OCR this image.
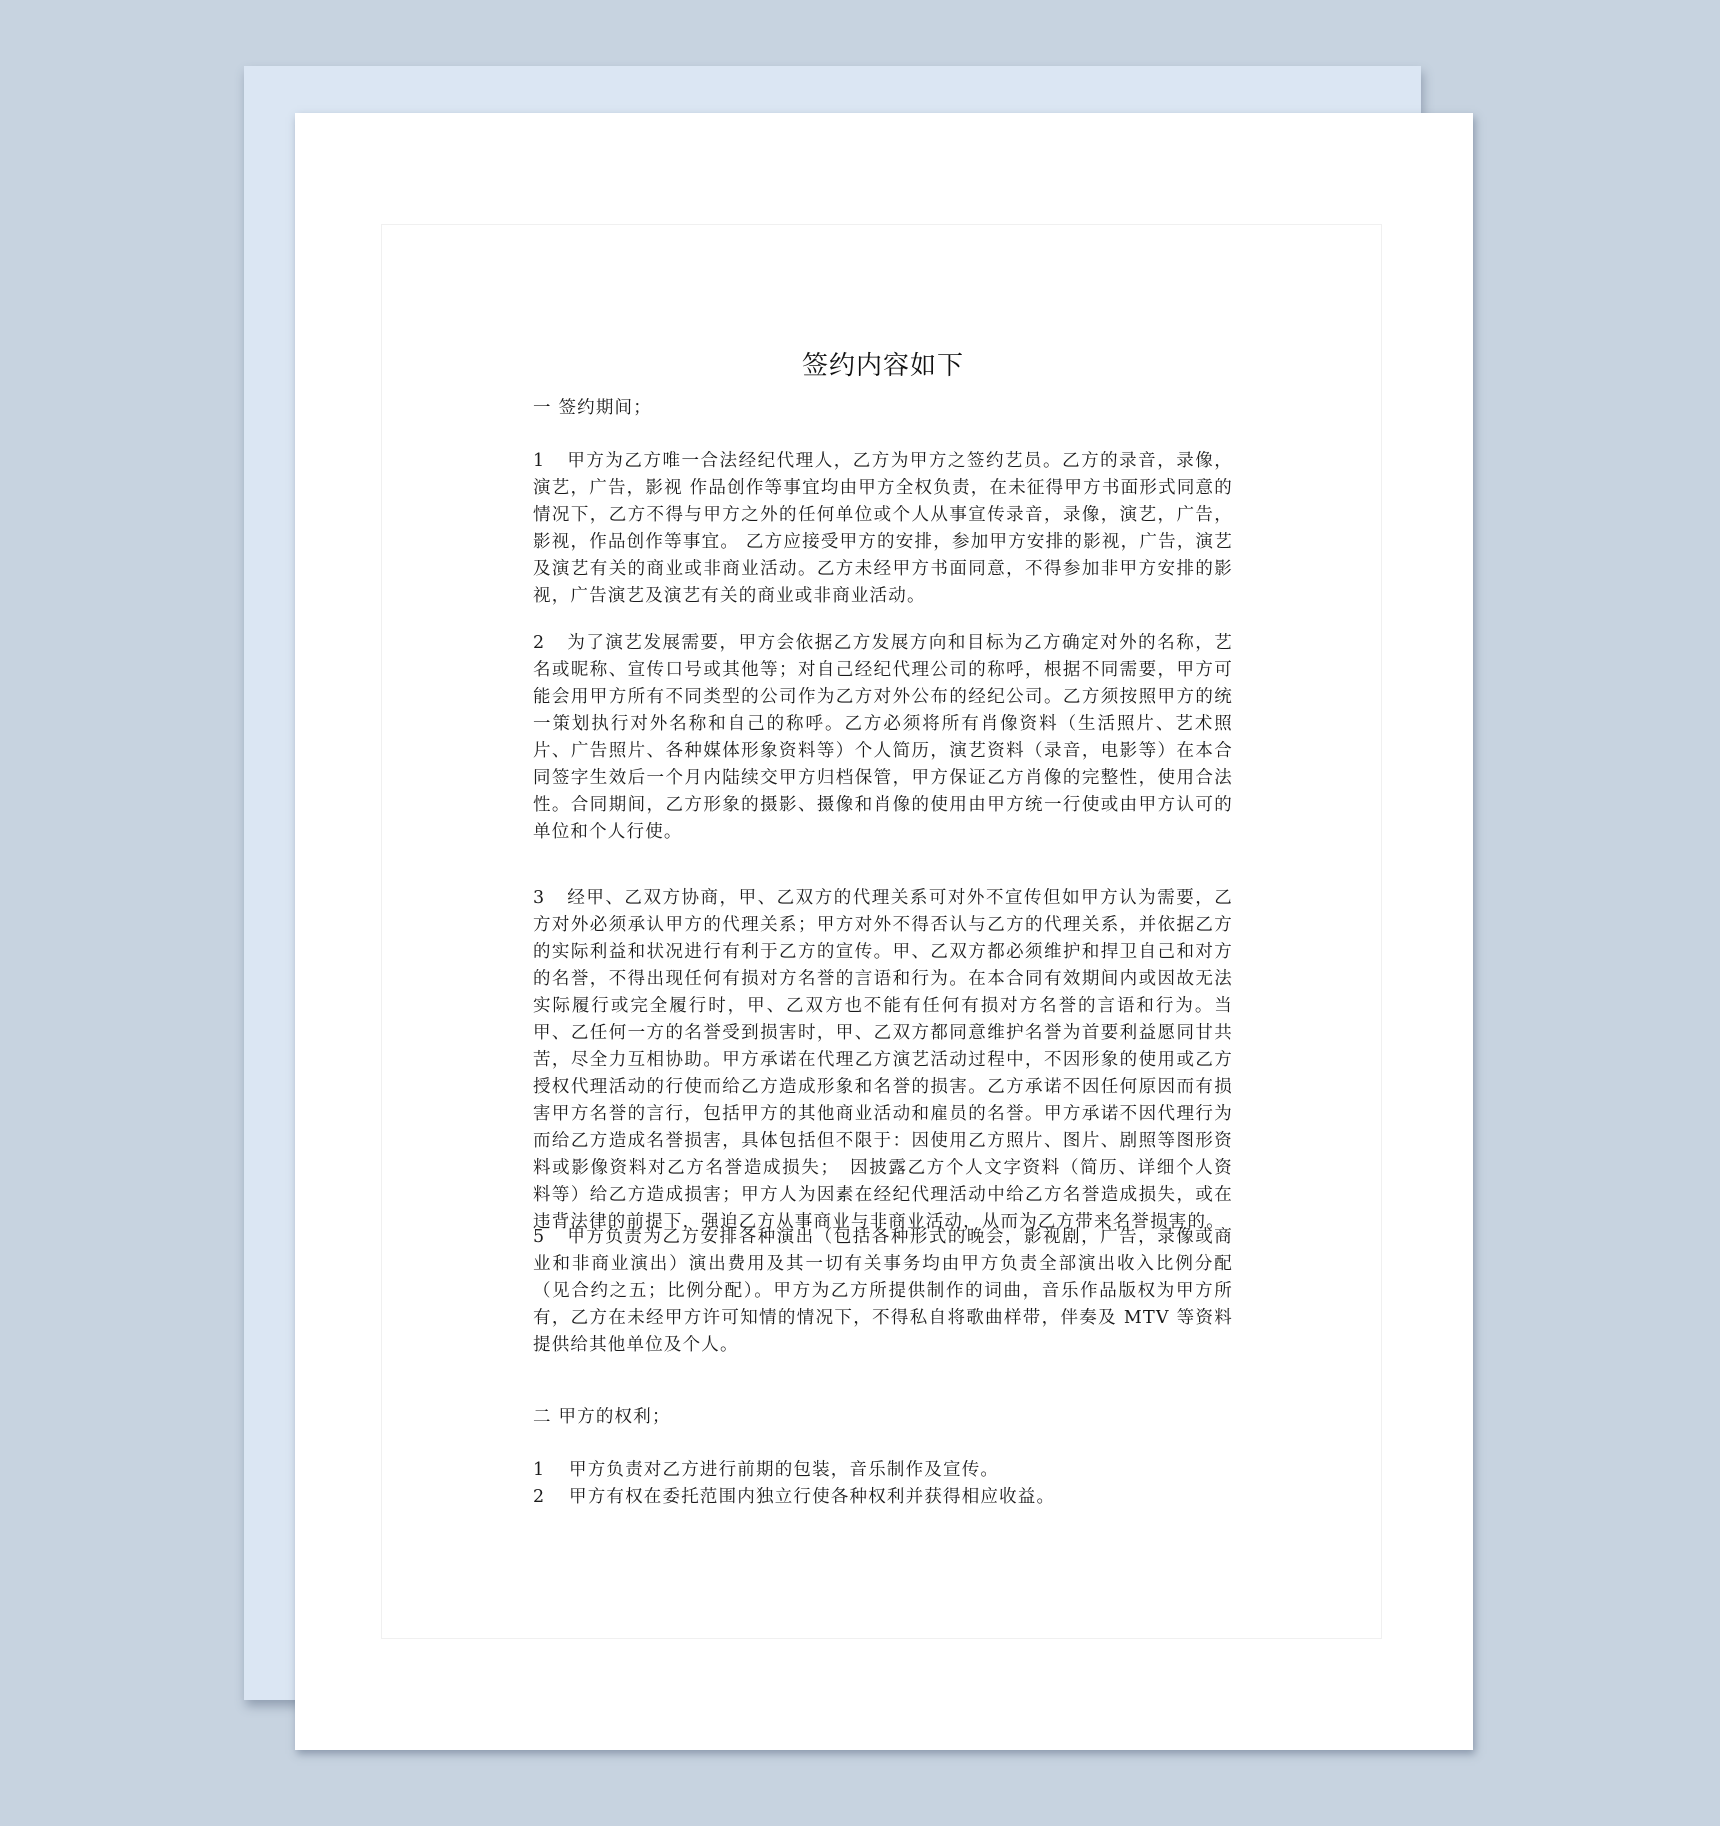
签约内容如下
一 签约期间；
1 甲方为乙方唯一合法经纪代理人，乙方为甲方之签约艺员。乙方的录音，录像，演艺，广告，影视 作品创作等事宜均由甲方全权负责，在未征得甲方书面形式同意的情况下，乙方不得与甲方之外的任何单位或个人从事宣传录音，录像，演艺，广告，影视，作品创作等事宜。 乙方应接受甲方的安排，参加甲方安排的影视，广告，演艺及演艺有关的商业或非商业活动。乙方未经甲方书面同意，不得参加非甲方安排的影视，广告演艺及演艺有关的商业或非商业活动。
2 为了演艺发展需要，甲方会依据乙方发展方向和目标为乙方确定对外的名称，艺名或昵称、宣传口号或其他等；对自己经纪代理公司的称呼，根据不同需要，甲方可能会用甲方所有不同类型的公司作为乙方对外公布的经纪公司。乙方须按照甲方的统一策划执行对外名称和自己的称呼。乙方必须将所有肖像资料（生活照片、艺术照片、广告照片、各种媒体形象资料等）个人简历，演艺资料（录音，电影等）在本合同签字生效后一个月内陆续交甲方归档保管，甲方保证乙方肖像的完整性，使用合法性。合同期间，乙方形象的摄影、摄像和肖像的使用由甲方统一行使或由甲方认可的单位和个人行使。
3 经甲、乙双方协商，甲、乙双方的代理关系可对外不宣传但如甲方认为需要，乙方对外必须承认甲方的代理关系；甲方对外不得否认与乙方的代理关系，并依据乙方的实际利益和状况进行有利于乙方的宣传。甲、乙双方都必须维护和捍卫自己和对方的名誉，不得出现任何有损对方名誉的言语和行为。在本合同有效期间内或因故无法实际履行或完全履行时，甲、乙双方也不能有任何有损对方名誉的言语和行为。当甲、乙任何一方的名誉受到损害时，甲、乙双方都同意维护名誉为首要利益愿同甘共苦，尽全力互相协助。甲方承诺在代理乙方演艺活动过程中，不因形象的使用或乙方授权代理活动的行使而给乙方造成形象和名誉的损害。乙方承诺不因任何原因而有损害甲方名誉的言行，包括甲方的其他商业活动和雇员的名誉。甲方承诺不因代理行为而给乙方造成名誉损害，具体包括但不限于：因使用乙方照片、图片、剧照等图形资料或影像资料对乙方名誉造成损失；　因披露乙方个人文字资料（简历、详细个人资料等）给乙方造成损害；甲方人为因素在经纪代理活动中给乙方名誉造成损失，或在违背法律的前提下，强迫乙方从事商业与非商业活动，从而为乙方带来名誉损害的。
5 甲方负责为乙方安排各种演出（包括各种形式的晚会，影视剧，广告，录像或商业和非商业演出）演出费用及其一切有关事务均由甲方负责全部演出收入比例分配（见合约之五；比例分配）。甲方为乙方所提供制作的词曲，音乐作品版权为甲方所有，乙方在未经甲方许可知情的情况下，不得私自将歌曲样带，伴奏及 MTV 等资料提供给其他单位及个人。
二 甲方的权利；
1 甲方负责对乙方进行前期的包装，音乐制作及宣传。
2 甲方有权在委托范围内独立行使各种权利并获得相应收益。
